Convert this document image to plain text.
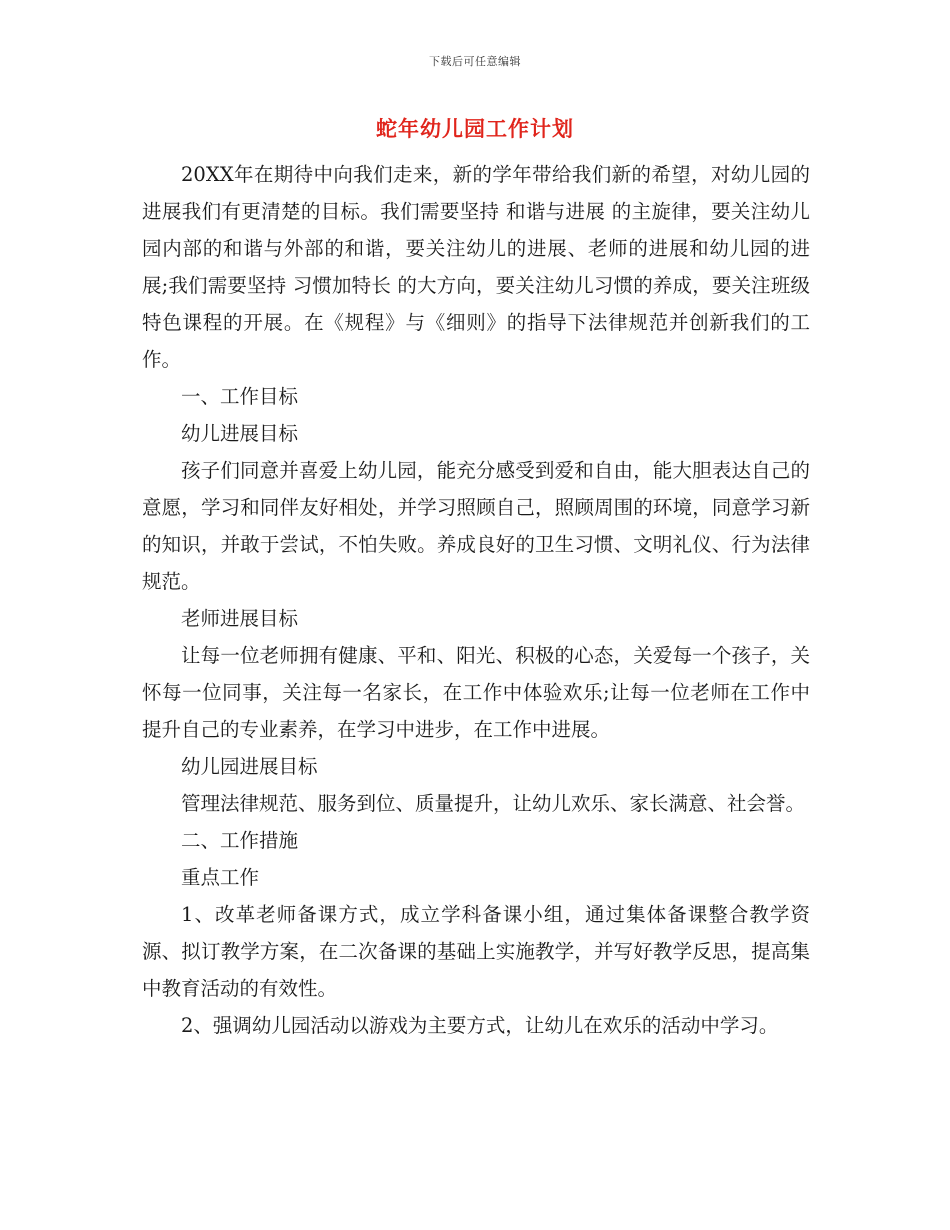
下载后可任意编辑
蛇年幼儿园工作计划

20XX年在期待中向我们走来，新的学年带给我们新的希望，对幼儿园的进展我们有更清楚的目标。我们需要坚持 和谐与进展 的主旋律，要关注幼儿园内部的和谐与外部的和谐，要关注幼儿的进展、老师的进展和幼儿园的进展;我们需要坚持 习惯加特长 的大方向，要关注幼儿习惯的养成，要关注班级特色课程的开展。在《规程》与《细则》的指导下法律规范并创新我们的工作。

一、工作目标

幼儿进展目标

孩子们同意并喜爱上幼儿园，能充分感受到爱和自由，能大胆表达自己的意愿，学习和同伴友好相处，并学习照顾自己，照顾周围的环境，同意学习新的知识，并敢于尝试，不怕失败。养成良好的卫生习惯、文明礼仪、行为法律规范。

老师进展目标

让每一位老师拥有健康、平和、阳光、积极的心态，关爱每一个孩子，关怀每一位同事，关注每一名家长，在工作中体验欢乐;让每一位老师在工作中提升自己的专业素养，在学习中进步，在工作中进展。

幼儿园进展目标

管理法律规范、服务到位、质量提升，让幼儿欢乐、家长满意、社会誉。

二、工作措施

重点工作

1、改革老师备课方式，成立学科备课小组，通过集体备课整合教学资源、拟订教学方案，在二次备课的基础上实施教学，并写好教学反思，提高集中教育活动的有效性。

2、强调幼儿园活动以游戏为主要方式，让幼儿在欢乐的活动中学习。
